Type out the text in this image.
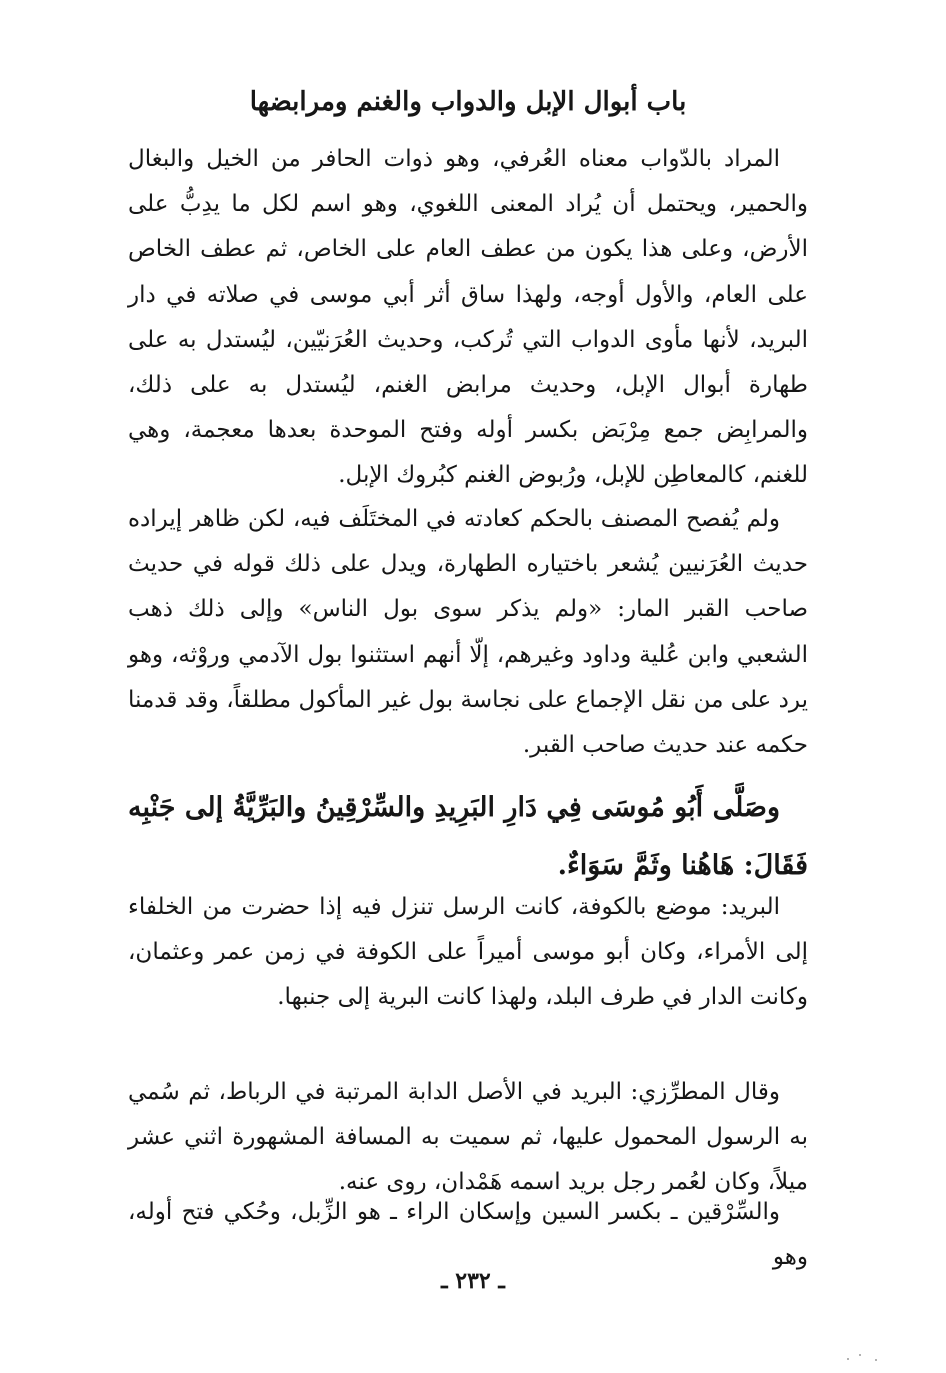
باب أبوال الإبل والدواب والغنم ومرابضها

المراد بالدّواب معناه العُرفي، وهو ذوات الحافر من الخيل والبغال والحمير، ويحتمل أن يُراد المعنى اللغوي، وهو اسم لكل ما يدِبُّ على الأرض، وعلى هذا يكون من عطف العام على الخاص، ثم عطف الخاص على العام، والأول أوجه، ولهذا ساق أثر أبي موسى في صلاته في دار البريد، لأنها مأوى الدواب التي تُركب، وحديث العُرَنيّين، ليُستدل به على طهارة أبوال الإبل، وحديث مرابض الغنم، ليُستدل به على ذلك، والمرابِض جمع مِرْبَض بكسر أوله وفتح الموحدة بعدها معجمة، وهي للغنم، كالمعاطِن للإبل، ورُبوض الغنم كبُروك الإبل.

ولم يُفصح المصنف بالحكم كعادته في المختَلَف فيه، لكن ظاهر إيراده حديث العُرَنيين يُشعر باختياره الطهارة، ويدل على ذلك قوله في حديث صاحب القبر المار: «ولم يذكر سوى بول الناس» وإلى ذلك ذهب الشعبي وابن عُلية وداود وغيرهم، إلّا أنهم استثنوا بول الآدمي وروْثه، وهو يرد على من نقل الإجماع على نجاسة بول غير المأكول مطلقاً، وقد قدمنا حكمه عند حديث صاحب القبر.

وصَلَّى أَبُو مُوسَى فِي دَارِ البَرِيدِ والسِّرْقِينُ والبَرِّيَّةُ إلى جَنْبِه فَقَالَ: هَاهُنا وثَمَّ سَوَاءٌ.

البريد: موضع بالكوفة، كانت الرسل تنزل فيه إذا حضرت من الخلفاء إلى الأمراء، وكان أبو موسى أميراً على الكوفة في زمن عمر وعثمان، وكانت الدار في طرف البلد، ولهذا كانت البرية إلى جنبها.

وقال المطرِّزي: البريد في الأصل الدابة المرتبة في الرباط، ثم سُمي به الرسول المحمول عليها، ثم سميت به المسافة المشهورة اثني عشر ميلاً، وكان لعُمر رجل بريد اسمه هَمْدان، روى عنه.

والسِّرْقين ـ بكسر السين وإسكان الراء ـ هو الزِّبل، وحُكي فتح أوله، وهو

ـ ٢٣٢ ـ
